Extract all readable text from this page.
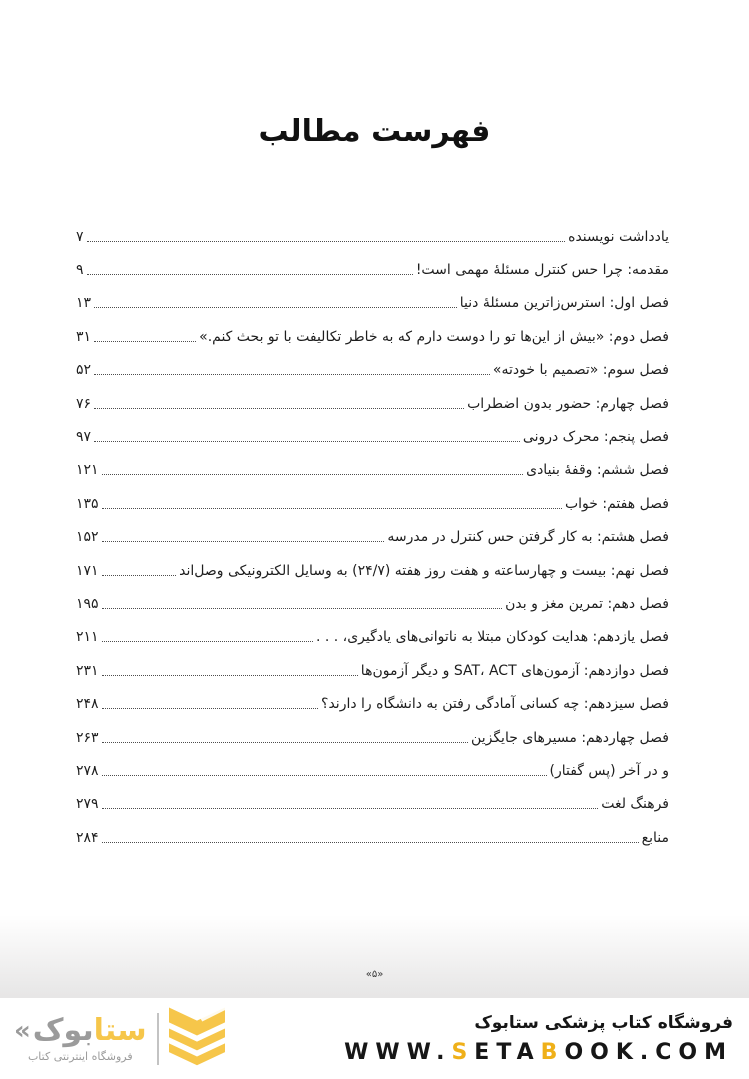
فهرست مطالب
یادداشت نویسنده
۷
مقدمه: چرا حس کنترل مسئلهٔ مهمی است!
۹
فصل اول: استرس‌زاترین مسئلهٔ دنیا
۱۳
فصل دوم: «بیش از این‌ها تو را دوست دارم که به خاطر تکالیفت با تو بحث کنم.»
۳۱
فصل سوم: «تصمیم با خودته»
۵۲
فصل چهارم: حضور بدون اضطراب
۷۶
فصل پنجم: محرک درونی
۹۷
فصل ششم: وقفهٔ بنیادی
۱۲۱
فصل هفتم: خواب
۱۳۵
فصل هشتم: به کار گرفتن حس کنترل در مدرسه
۱۵۲
فصل نهم: بیست و چهارساعته و هفت روز هفته (۲۴/۷) به وسایل الکترونیکی وصل‌اند
۱۷۱
فصل دهم: تمرین مغز و بدن
۱۹۵
فصل یازدهم: هدایت کودکان مبتلا به ناتوانی‌های یادگیری، . . .
۲۱۱
فصل دوازدهم: آزمون‌های SAT، ACT و دیگر آزمون‌ها
۲۳۱
فصل سیزدهم: چه کسانی آمادگی رفتن به دانشگاه را دارند؟
۲۴۸
فصل چهاردهم: مسیرهای جایگزین
۲۶۳
و در آخر (پس گفتار)
۲۷۸
فرهنگ لغت
۲۷۹
منابع
۲۸۴
«۵»
« بوک ستا
فروشگاه اینترنتی کتاب
فروشگاه کتاب پزشکی ستابوک
WWW.SETABOOK.COM
